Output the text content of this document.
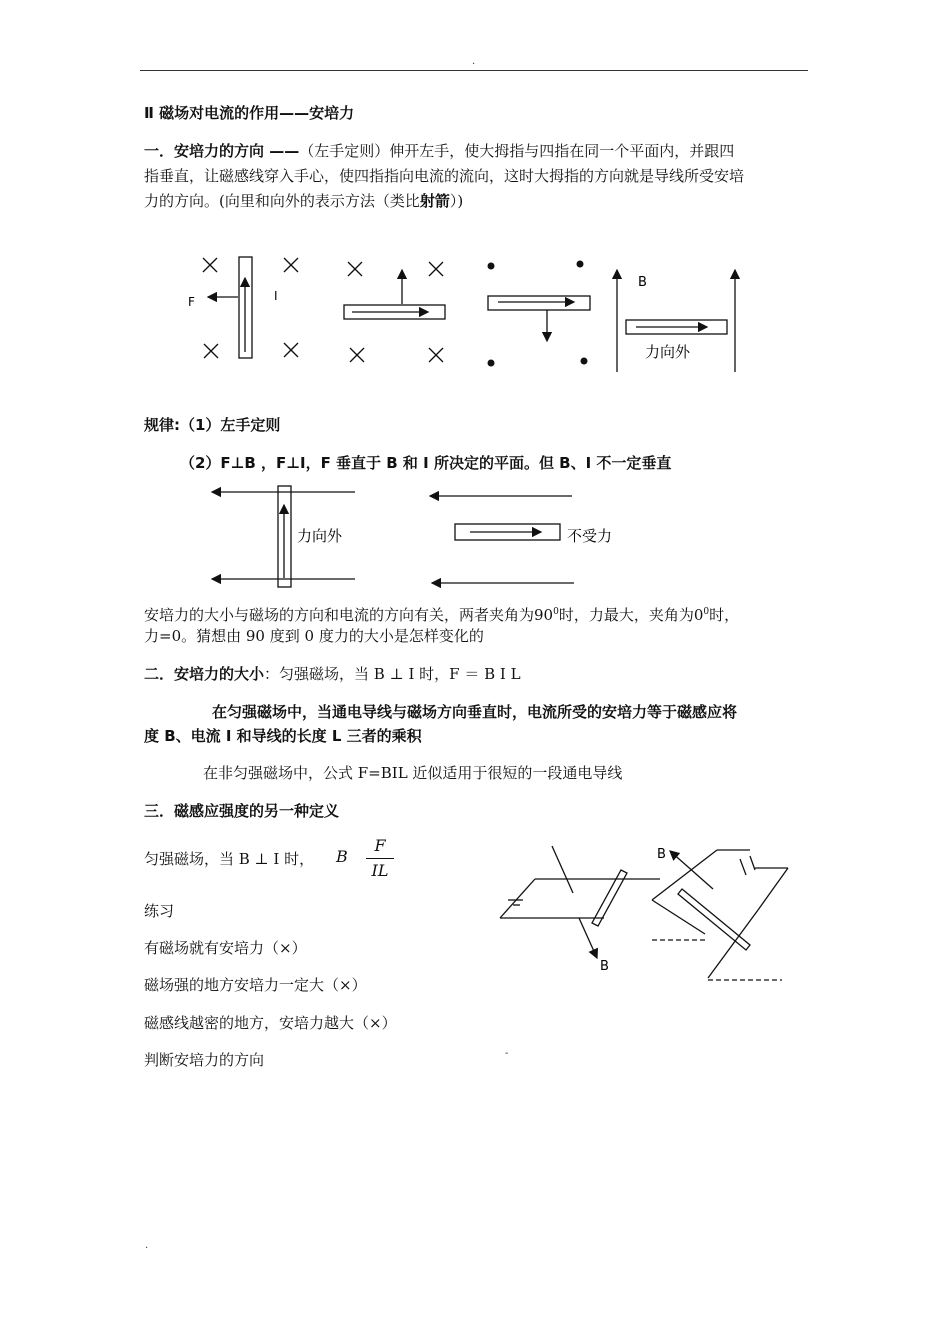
.
Ⅱ 磁场对电流的作用——安培力
一．安培力的方向 ——（左手定则）伸开左手，使大拇指与四指在同一个平面内，并跟四
指垂直，让磁感线穿入手心，使四指指向电流的流向，这时大拇指的方向就是导线所受安培
力的方向。(向里和向外的表示方法（类比射箭）)
F	I
B
力向外
规律:（1）左手定则
（2）F⊥B ，F⊥I，F 垂直于 B 和 I 所决定的平面。但 B、I 不一定垂直
力向外	不受力
安培力的大小与磁场的方向和电流的方向有关，两者夹角为$90^0$时，力最大，夹角为$0^0$时，
力=0。猜想由 90 度到 0 度力的大小是怎样变化的
二．安培力的大小：匀强磁场，当 B ⊥ I 时，F ＝ B I L
在匀强磁场中，当通电导线与磁场方向垂直时，电流所受的安培力等于磁感应将
度 B、电流 I 和导线的长度 L 三者的乘积
在非匀强磁场中，公式 F=BIL 近似适用于很短的一段通电导线
三．磁感应强度的另一种定义
匀强磁场，当 B ⊥ I 时， B
F
IL
练习
有磁场就有安培力（×）
磁场强的地方安培力一定大（×）
磁感线越密的地方，安培力越大（×）
判断安培力的方向
B
B
-
.
